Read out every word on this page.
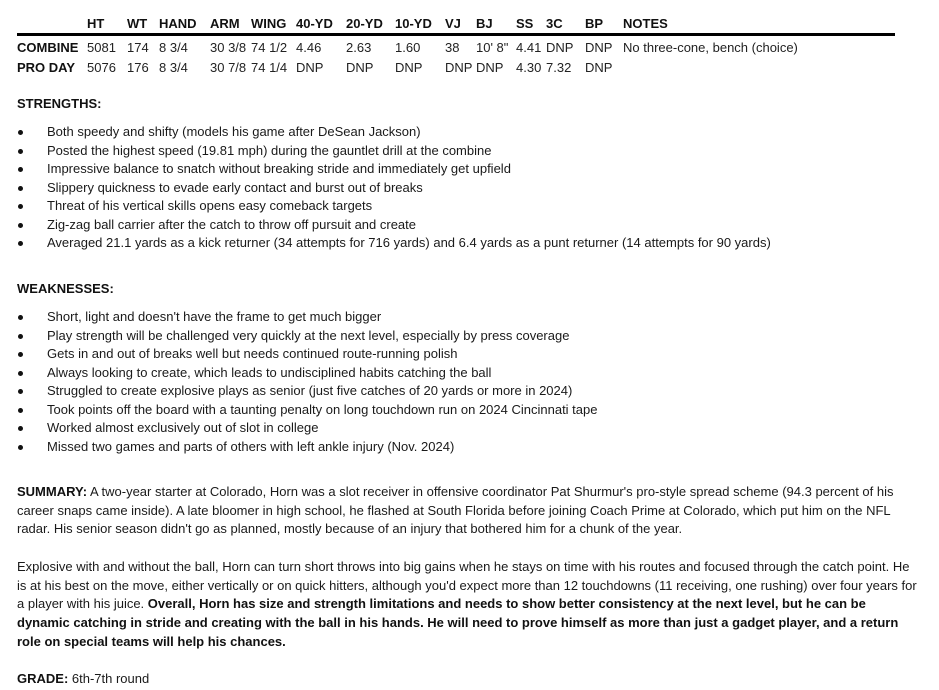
	HT	WT	HAND	ARM	WING	40-YD	20-YD	10-YD	VJ	BJ	SS	3C	BP	NOTES
COMBINE	5081	174	8 3/4	30 3/8	74 1/2	4.46	2.63	1.60	38	10' 8"	4.41	DNP	DNP	No three-cone, bench (choice)
PRO DAY	5076	176	8 3/4	30 7/8	74 1/4	DNP	DNP	DNP	DNP	DNP	4.30	7.32	DNP	
STRENGTHS:
Both speedy and shifty (models his game after DeSean Jackson)
Posted the highest speed (19.81 mph) during the gauntlet drill at the combine
Impressive balance to snatch without breaking stride and immediately get upfield
Slippery quickness to evade early contact and burst out of breaks
Threat of his vertical skills opens easy comeback targets
Zig-zag ball carrier after the catch to throw off pursuit and create
Averaged 21.1 yards as a kick returner (34 attempts for 716 yards) and 6.4 yards as a punt returner (14 attempts for 90 yards)
WEAKNESSES:
Short, light and doesn't have the frame to get much bigger
Play strength will be challenged very quickly at the next level, especially by press coverage
Gets in and out of breaks well but needs continued route-running polish
Always looking to create, which leads to undisciplined habits catching the ball
Struggled to create explosive plays as senior (just five catches of 20 yards or more in 2024)
Took points off the board with a taunting penalty on long touchdown run on 2024 Cincinnati tape
Worked almost exclusively out of slot in college
Missed two games and parts of others with left ankle injury (Nov. 2024)

SUMMARY: A two-year starter at Colorado, Horn was a slot receiver in offensive coordinator Pat Shurmur's pro-style spread scheme (94.3 percent of his career snaps came inside). A late bloomer in high school, he flashed at South Florida before joining Coach Prime at Colorado, which put him on the NFL radar. His senior season didn't go as planned, mostly because of an injury that bothered him for a chunk of the year.

Explosive with and without the ball, Horn can turn short throws into big gains when he stays on time with his routes and focused through the catch point. He is at his best on the move, either vertically or on quick hitters, although you'd expect more than 12 touchdowns (11 receiving, one rushing) over four years for a player with his juice. Overall, Horn has size and strength limitations and needs to show better consistency at the next level, but he can be dynamic catching in stride and creating with the ball in his hands. He will need to prove himself as more than just a gadget player, and a return role on special teams will help his chances.

GRADE: 6th-7th round
